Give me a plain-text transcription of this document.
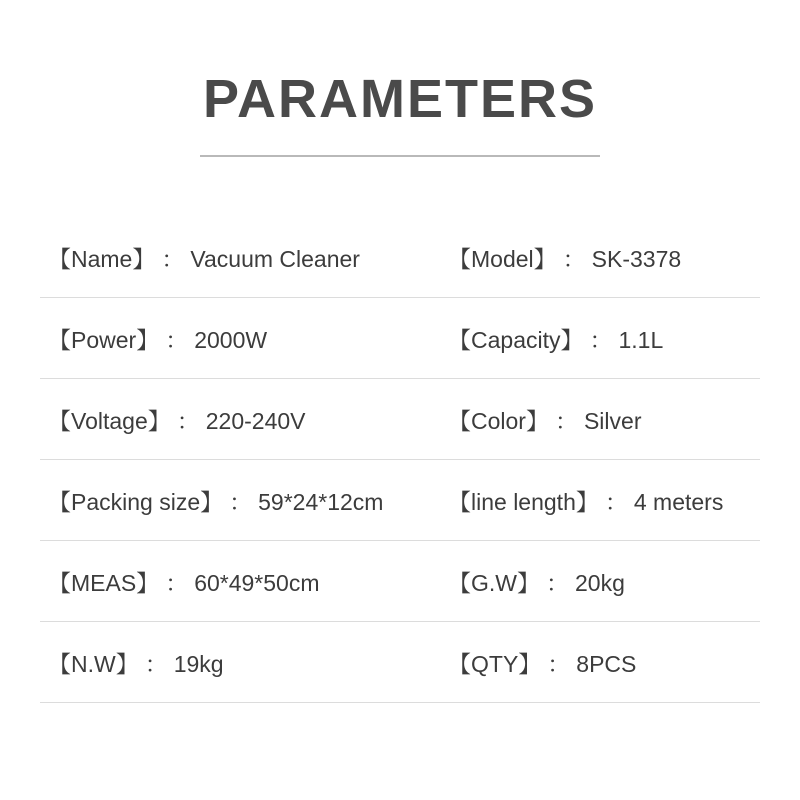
PARAMETERS
【Name】 ： Vacuum Cleaner	【Model】 ： SK-3378
【Power】 ： 2000W	【Capacity】 ： 1.1L
【Voltage】 ： 220-240V	【Color】 ： Silver
【Packing size】 ： 59*24*12cm	【line length】 ： 4 meters
【MEAS】 ： 60*49*50cm	【G.W】 ： 20kg
【N.W】 ： 19kg	【QTY】 ： 8PCS
